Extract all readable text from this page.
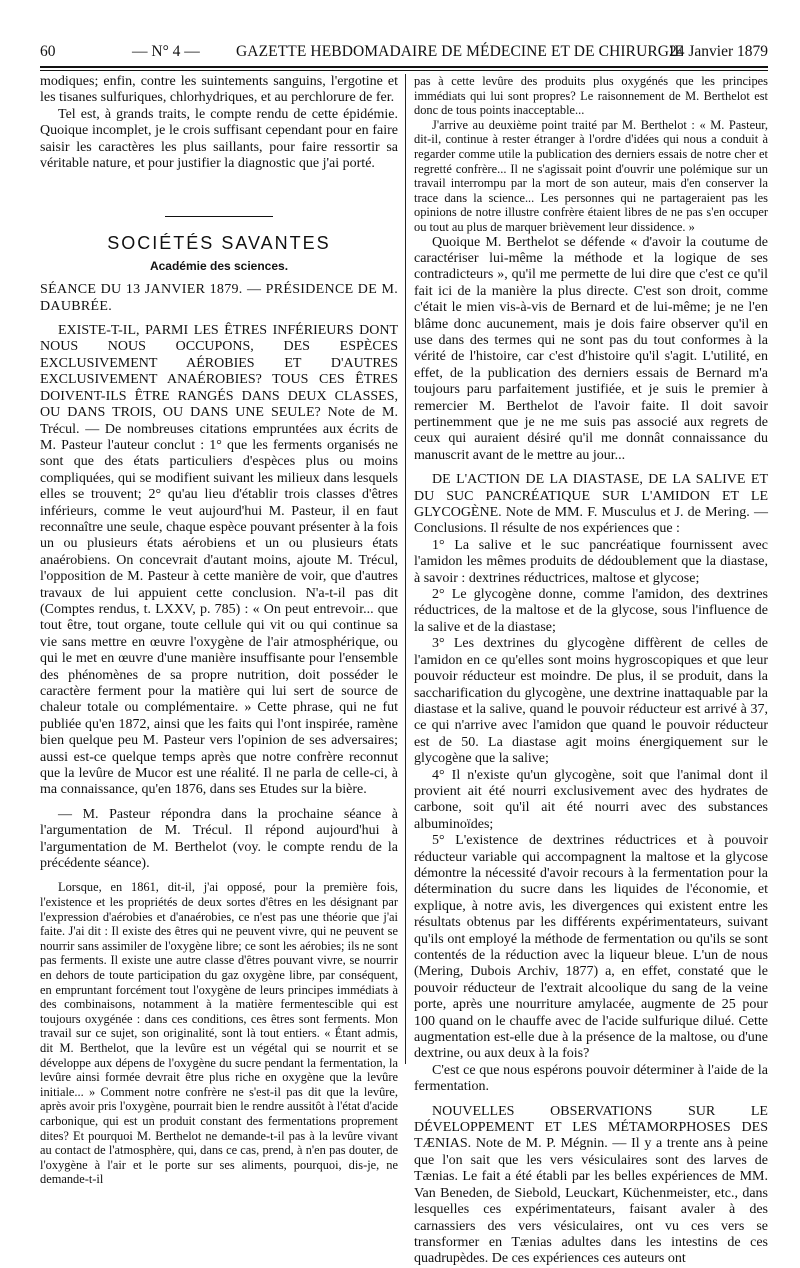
60	— N° 4 — GAZETTE HEBDOMADAIRE DE MÉDECINE ET DE CHIRURGIE
24 Janvier 1879

modiques; enfin, contre les suintements sanguins, l'ergotine et les tisanes sulfuriques, chlorhydriques, et au perchlorure de fer.

Tel est, à grands traits, le compte rendu de cette épidémie. Quoique incomplet, je le crois suffisant cependant pour en faire saisir les caractères les plus saillants, pour faire ressortir sa véritable nature, et pour justifier la diagnostic que j'ai porté.

SOCIÉTÉS SAVANTES
Académie des sciences.

SÉANCE DU 13 JANVIER 1879. — PRÉSIDENCE DE M. DAUBRÉE.

EXISTE-T-IL, PARMI LES ÊTRES INFÉRIEURS DONT NOUS NOUS OCCUPONS, DES ESPÈCES EXCLUSIVEMENT AÉROBIES ET D'AUTRES EXCLUSIVEMENT ANAÉROBIES? TOUS CES ÊTRES DOIVENT-ILS ÊTRE RANGÉS DANS DEUX CLASSES, OU DANS TROIS, OU DANS UNE SEULE? Note de M. Trécul. — De nombreuses citations empruntées aux écrits de M. Pasteur l'auteur conclut : 1° que les ferments organisés ne sont que des états particuliers d'espèces plus ou moins compliquées, qui se modifient suivant les milieux dans lesquels elles se trouvent; 2° qu'au lieu d'établir trois classes d'êtres inférieurs, comme le veut aujourd'hui M. Pasteur, il en faut reconnaître une seule, chaque espèce pouvant présenter à la fois un ou plusieurs états aérobiens et un ou plusieurs états anaérobiens. On concevrait d'autant moins, ajoute M. Trécul, l'opposition de M. Pasteur à cette manière de voir, que d'autres travaux de lui appuient cette conclusion. N'a-t-il pas dit (Comptes rendus, t. LXXV, p. 785) : « On peut entrevoir... que tout être, tout organe, toute cellule qui vit ou qui continue sa vie sans mettre en œuvre l'oxygène de l'air atmosphérique, ou qui le met en œuvre d'une manière insuffisante pour l'ensemble des phénomènes de sa propre nutrition, doit posséder le caractère ferment pour la matière qui lui sert de source de chaleur totale ou complémentaire. » Cette phrase, qui ne fut publiée qu'en 1872, ainsi que les faits qui l'ont inspirée, ramène bien quelque peu M. Pasteur vers l'opinion de ses adversaires; aussi est-ce quelque temps après que notre confrère reconnut que la levûre de Mucor est une réalité. Il ne parla de celle-ci, à ma connaissance, qu'en 1876, dans ses Etudes sur la bière.

— M. Pasteur répondra dans la prochaine séance à l'argumentation de M. Trécul. Il répond aujourd'hui à l'argumentation de M. Berthelot (voy. le compte rendu de la précédente séance).

Lorsque, en 1861, dit-il, j'ai opposé, pour la première fois, l'existence et les propriétés de deux sortes d'êtres en les désignant par l'expression d'aérobies et d'anaérobies, ce n'est pas une théorie que j'ai faite. J'ai dit : Il existe des êtres qui ne peuvent vivre, qui ne peuvent se nourrir sans assimiler de l'oxygène libre; ce sont les aérobies; ils ne sont pas ferments. Il existe une autre classe d'êtres pouvant vivre, se nourrir en dehors de toute participation du gaz oxygène libre, par conséquent, en empruntant forcément tout l'oxygène de leurs principes immédiats à des combinaisons, notamment à la matière fermentescible qui est toujours oxygénée : dans ces conditions, ces êtres sont ferments. Mon travail sur ce sujet, son originalité, sont là tout entiers. « Étant admis, dit M. Berthelot, que la levûre est un végétal qui se nourrit et se développe aux dépens de l'oxygène du sucre pendant la fermentation, la levûre ainsi formée devrait être plus riche en oxygène que la levûre initiale... » Comment notre confrère ne s'est-il pas dit que la levûre, après avoir pris l'oxygène, pourrait bien le rendre aussitôt à l'état d'acide carbonique, qui est un produit constant des fermentations proprement dites? Et pourquoi M. Berthelot ne demande-t-il pas à la levûre vivant au contact de l'atmosphère, qui, dans ce cas, prend, à n'en pas douter, de l'oxygène à l'air et le porte sur ses aliments, pourquoi, dis-je, ne demande-t-il

pas à cette levûre des produits plus oxygénés que les principes immédiats qui lui sont propres? Le raisonnement de M. Berthelot est donc de tous points inacceptable...

J'arrive au deuxième point traité par M. Berthelot : « M. Pasteur, dit-il, continue à rester étranger à l'ordre d'idées qui nous a conduit à regarder comme utile la publication des derniers essais de notre cher et regretté confrère... Il ne s'agissait point d'ouvrir une polémique sur un travail interrompu par la mort de son auteur, mais d'en conserver la trace dans la science... Les personnes qui ne partageraient pas les opinions de notre illustre confrère étaient libres de ne pas s'en occuper ou tout au plus de marquer brièvement leur dissidence. »

Quoique M. Berthelot se défende « d'avoir la coutume de caractériser lui-même la méthode et la logique de ses contradicteurs », qu'il me permette de lui dire que c'est ce qu'il fait ici de la manière la plus directe. C'est son droit, comme c'était le mien vis-à-vis de Bernard et de lui-même; je ne l'en blâme donc aucunement, mais je dois faire observer qu'il en use dans des termes qui ne sont pas du tout conformes à la vérité de l'histoire, car c'est d'histoire qu'il s'agit. L'utilité, en effet, de la publication des derniers essais de Bernard m'a toujours paru parfaitement justifiée, et je suis le premier à remercier M. Berthelot de l'avoir faite. Il doit savoir pertinemment que je ne me suis pas associé aux regrets de ceux qui auraient désiré qu'il me donnât connaissance du manuscrit avant de le mettre au jour...

DE L'ACTION DE LA DIASTASE, DE LA SALIVE ET DU SUC PANCRÉATIQUE SUR L'AMIDON ET LE GLYCOGÈNE. Note de MM. F. Musculus et J. de Mering. — Conclusions. Il résulte de nos expériences que :

1° La salive et le suc pancréatique fournissent avec l'amidon les mêmes produits de dédoublement que la diastase, à savoir : dextrines réductrices, maltose et glycose;

2° Le glycogène donne, comme l'amidon, des dextrines réductrices, de la maltose et de la glycose, sous l'influence de la salive et de la diastase;

3° Les dextrines du glycogène diffèrent de celles de l'amidon en ce qu'elles sont moins hygroscopiques et que leur pouvoir réducteur est moindre. De plus, il se produit, dans la saccharification du glycogène, une dextrine inattaquable par la diastase et la salive, quand le pouvoir réducteur est arrivé à 37, ce qui n'arrive avec l'amidon que quand le pouvoir réducteur est de 50. La diastase agit moins énergiquement sur le glycogène que la salive;

4° Il n'existe qu'un glycogène, soit que l'animal dont il provient ait été nourri exclusivement avec des hydrates de carbone, soit qu'il ait été nourri avec des substances albuminoïdes;

5° L'existence de dextrines réductrices et à pouvoir réducteur variable qui accompagnent la maltose et la glycose démontre la nécessité d'avoir recours à la fermentation pour la détermination du sucre dans les liquides de l'économie, et explique, à notre avis, les divergences qui existent entre les résultats obtenus par les différents expérimentateurs, suivant qu'ils ont employé la méthode de fermentation ou qu'ils se sont contentés de la réduction avec la liqueur bleue. L'un de nous (Mering, Dubois Archiv, 1877) a, en effet, constaté que le pouvoir réducteur de l'extrait alcoolique du sang de la veine porte, après une nourriture amylacée, augmente de 25 pour 100 quand on le chauffe avec de l'acide sulfurique dilué. Cette augmentation est-elle due à la présence de la maltose, ou d'une dextrine, ou aux deux à la fois?

C'est ce que nous espérons pouvoir déterminer à l'aide de la fermentation.

NOUVELLES OBSERVATIONS SUR LE DÉVELOPPEMENT ET LES MÉTAMORPHOSES DES TÆNIAS. Note de M. P. Mégnin. — Il y a trente ans à peine que l'on sait que les vers vésiculaires sont des larves de Tænias. Le fait a été établi par les belles expériences de MM. Van Beneden, de Siebold, Leuckart, Küchenmeister, etc., dans lesquelles ces expérimentateurs, faisant avaler à des carnassiers des vers vésiculaires, ont vu ces vers se transformer en Tænias adultes dans les intestins de ces quadrupèdes. De ces expériences ces auteurs ont
